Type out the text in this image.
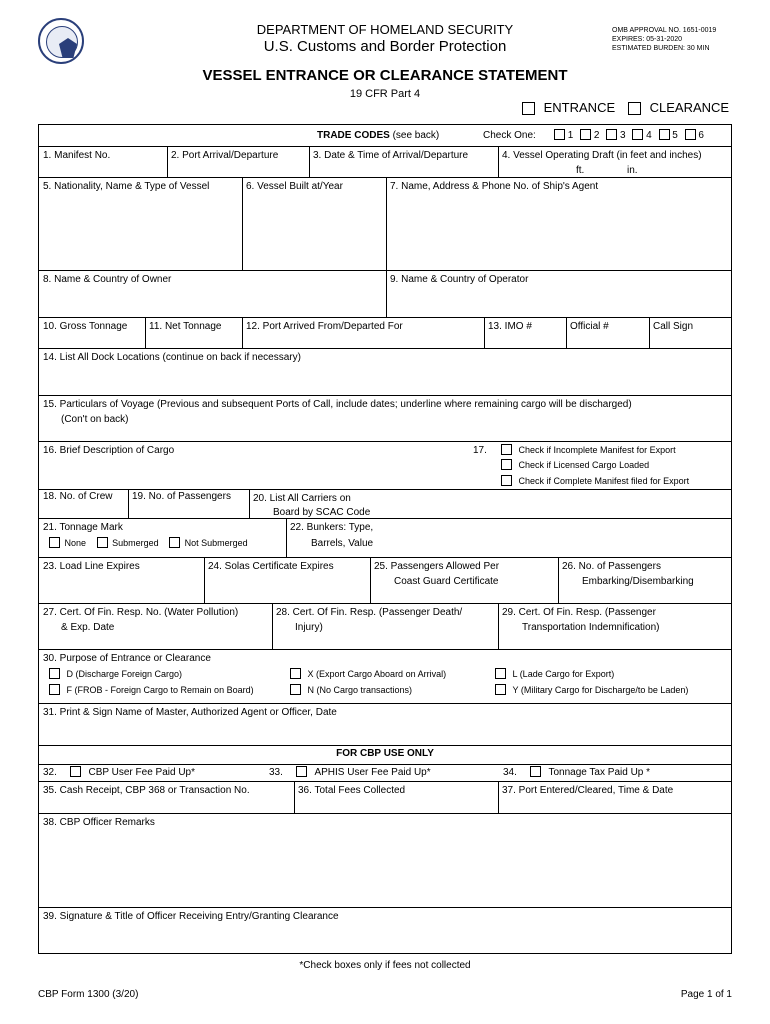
DEPARTMENT OF HOMELAND SECURITY
U.S. Customs and Border Protection
OMB APPROVAL NO. 1651-0019
EXPIRES: 05-31-2020
ESTIMATED BURDEN: 30 MIN
VESSEL ENTRANCE OR CLEARANCE STATEMENT
19 CFR Part 4
ENTRANCE	CLEARANCE
TRADE CODES (see back)	Check One:	1 2 3 4 5 6
1. Manifest No.	2. Port Arrival/Departure	3. Date & Time of Arrival/Departure	4. Vessel Operating Draft (in feet and inches)
ft.	in.
5. Nationality, Name & Type of Vessel	6. Vessel Built at/Year	7. Name, Address & Phone No. of Ship's Agent
8. Name & Country of Owner	9. Name & Country of Operator
10. Gross Tonnage 11. Net Tonnage 12. Port Arrived From/Departed For	13. IMO #	Official #	Call Sign
14. List All Dock Locations (continue on back if necessary)
15. Particulars of Voyage (Previous and subsequent Ports of Call, include dates; underline where remaining cargo will be discharged)
(Con't on back)
16. Brief Description of Cargo	17.	Check if Incomplete Manifest for Export
Check if Licensed Cargo Loaded
Check if Complete Manifest filed for Export
18. No. of Crew 19. No. of Passengers 20. List All Carriers on
Board by SCAC Code
21. Tonnage Mark
None	Submerged	Not Submerged
22. Bunkers: Type,
Barrels, Value
23. Load Line Expires	24. Solas Certificate Expires	25. Passengers Allowed Per
Coast Guard Certificate
26. No. of Passengers
Embarking/Disembarking
27. Cert. Of Fin. Resp. No. (Water Pollution)
& Exp. Date
28. Cert. Of Fin. Resp. (Passenger Death/
Injury)
29. Cert. Of Fin. Resp. (Passenger
Transportation Indemnification)
30. Purpose of Entrance or Clearance
D (Discharge Foreign Cargo)
F (FROB - Foreign Cargo to Remain on Board)
X (Export Cargo Aboard on Arrival)
N (No Cargo transactions)
L (Lade Cargo for Export)
Y (Military Cargo for Discharge/to be Laden)
31. Print & Sign Name of Master, Authorized Agent or Officer, Date
FOR CBP USE ONLY
32.	CBP User Fee Paid Up*	33.	APHIS User Fee Paid Up*	34.	Tonnage Tax Paid Up *
35. Cash Receipt, CBP 368 or Transaction No.	36. Total Fees Collected	37. Port Entered/Cleared, Time & Date
38. CBP Officer Remarks
39. Signature & Title of Officer Receiving Entry/Granting Clearance
*Check boxes only if fees not collected
CBP Form 1300 (3/20)	Page 1 of 1
